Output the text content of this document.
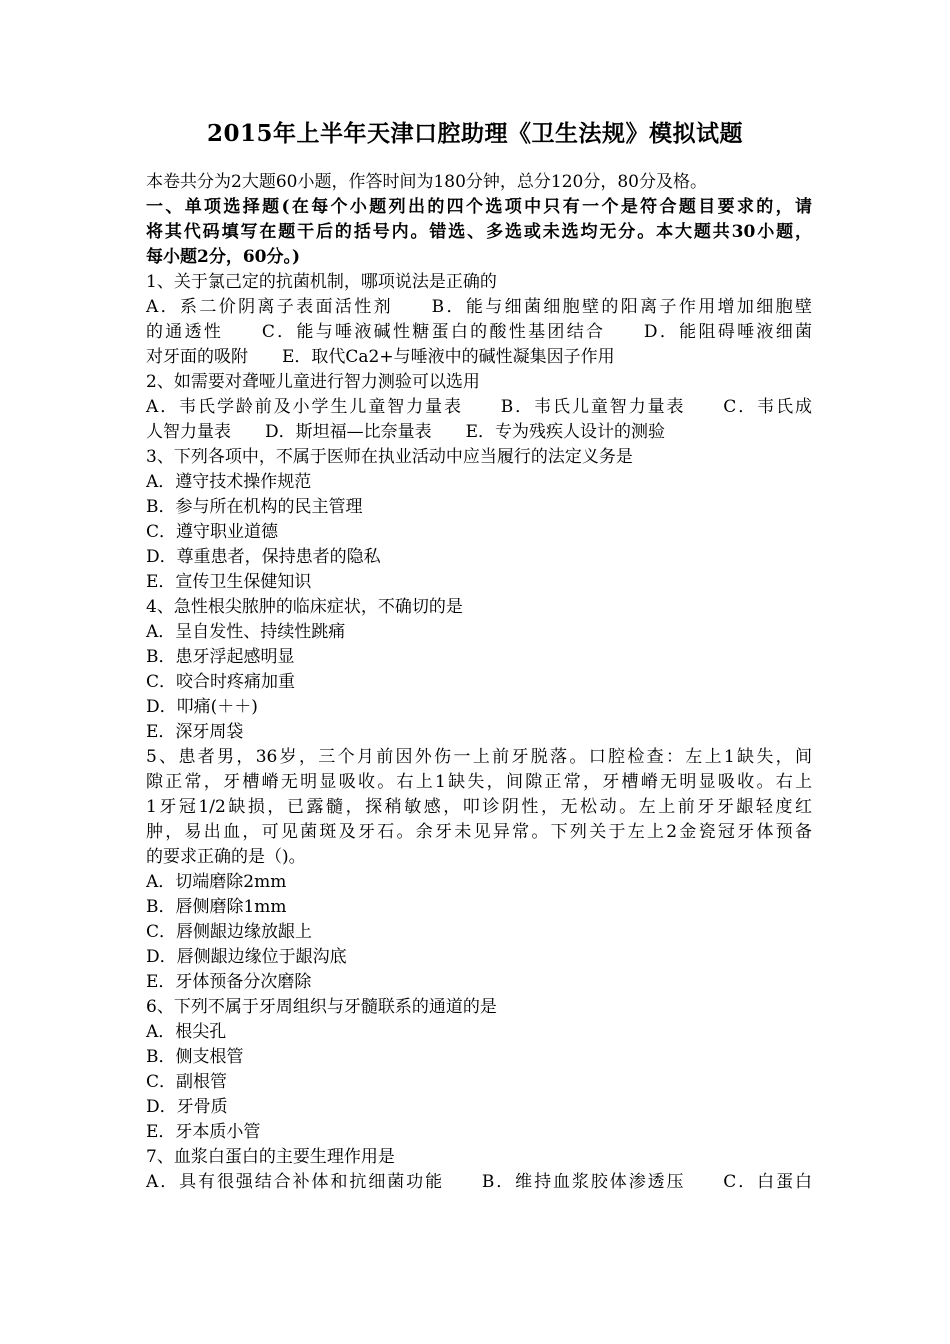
2015年上半年天津口腔助理《卫生法规》模拟试题
本卷共分为2大题60小题，作答时间为180分钟，总分120分，80分及格。
一、单项选择题(在每个小题列出的四个选项中只有一个是符合题目要求的，请
将其代码填写在题干后的括号内。错选、多选或未选均无分。本大题共30小题，
每小题2分，60分。)
1、关于氯己定的抗菌机制，哪项说法是正确的
A．系二价阴离子表面活性剂　　B．能与细菌细胞壁的阳离子作用增加细胞壁
的通透性　　C．能与唾液碱性糖蛋白的酸性基团结合　　D．能阻碍唾液细菌
对牙面的吸附　　E．取代Ca2+与唾液中的碱性凝集因子作用
2、如需要对聋哑儿童进行智力测验可以选用
A．韦氏学龄前及小学生儿童智力量表　　B．韦氏儿童智力量表　　C．韦氏成
人智力量表　　D．斯坦福—比奈量表　　E．专为残疾人设计的测验
3、下列各项中，不属于医师在执业活动中应当履行的法定义务是
A．遵守技术操作规范
B．参与所在机构的民主管理
C．遵守职业道德
D．尊重患者，保持患者的隐私
E．宣传卫生保健知识
4、急性根尖脓肿的临床症状，不确切的是
A．呈自发性、持续性跳痛
B．患牙浮起感明显
C．咬合时疼痛加重
D．叩痛(＋＋)
E．深牙周袋
5、患者男，36岁，三个月前因外伤一上前牙脱落。口腔检查：左上1缺失，间
隙正常，牙槽嵴无明显吸收。右上1缺失，间隙正常，牙槽嵴无明显吸收。右上
1牙冠1/2缺损，已露髓，探稍敏感，叩诊阴性，无松动。左上前牙牙龈轻度红
肿，易出血，可见菌斑及牙石。余牙未见异常。下列关于左上2金瓷冠牙体预备
的要求正确的是（)。
A．切端磨除2mm
B．唇侧磨除1mm
C．唇侧龈边缘放龈上
D．唇侧龈边缘位于龈沟底
E．牙体预备分次磨除
6、下列不属于牙周组织与牙髓联系的通道的是
A．根尖孔
B．侧支根管
C．副根管
D．牙骨质
E．牙本质小管
7、血浆白蛋白的主要生理作用是
A．具有很强结合补体和抗细菌功能　　B．维持血浆胶体渗透压　　C．白蛋白
